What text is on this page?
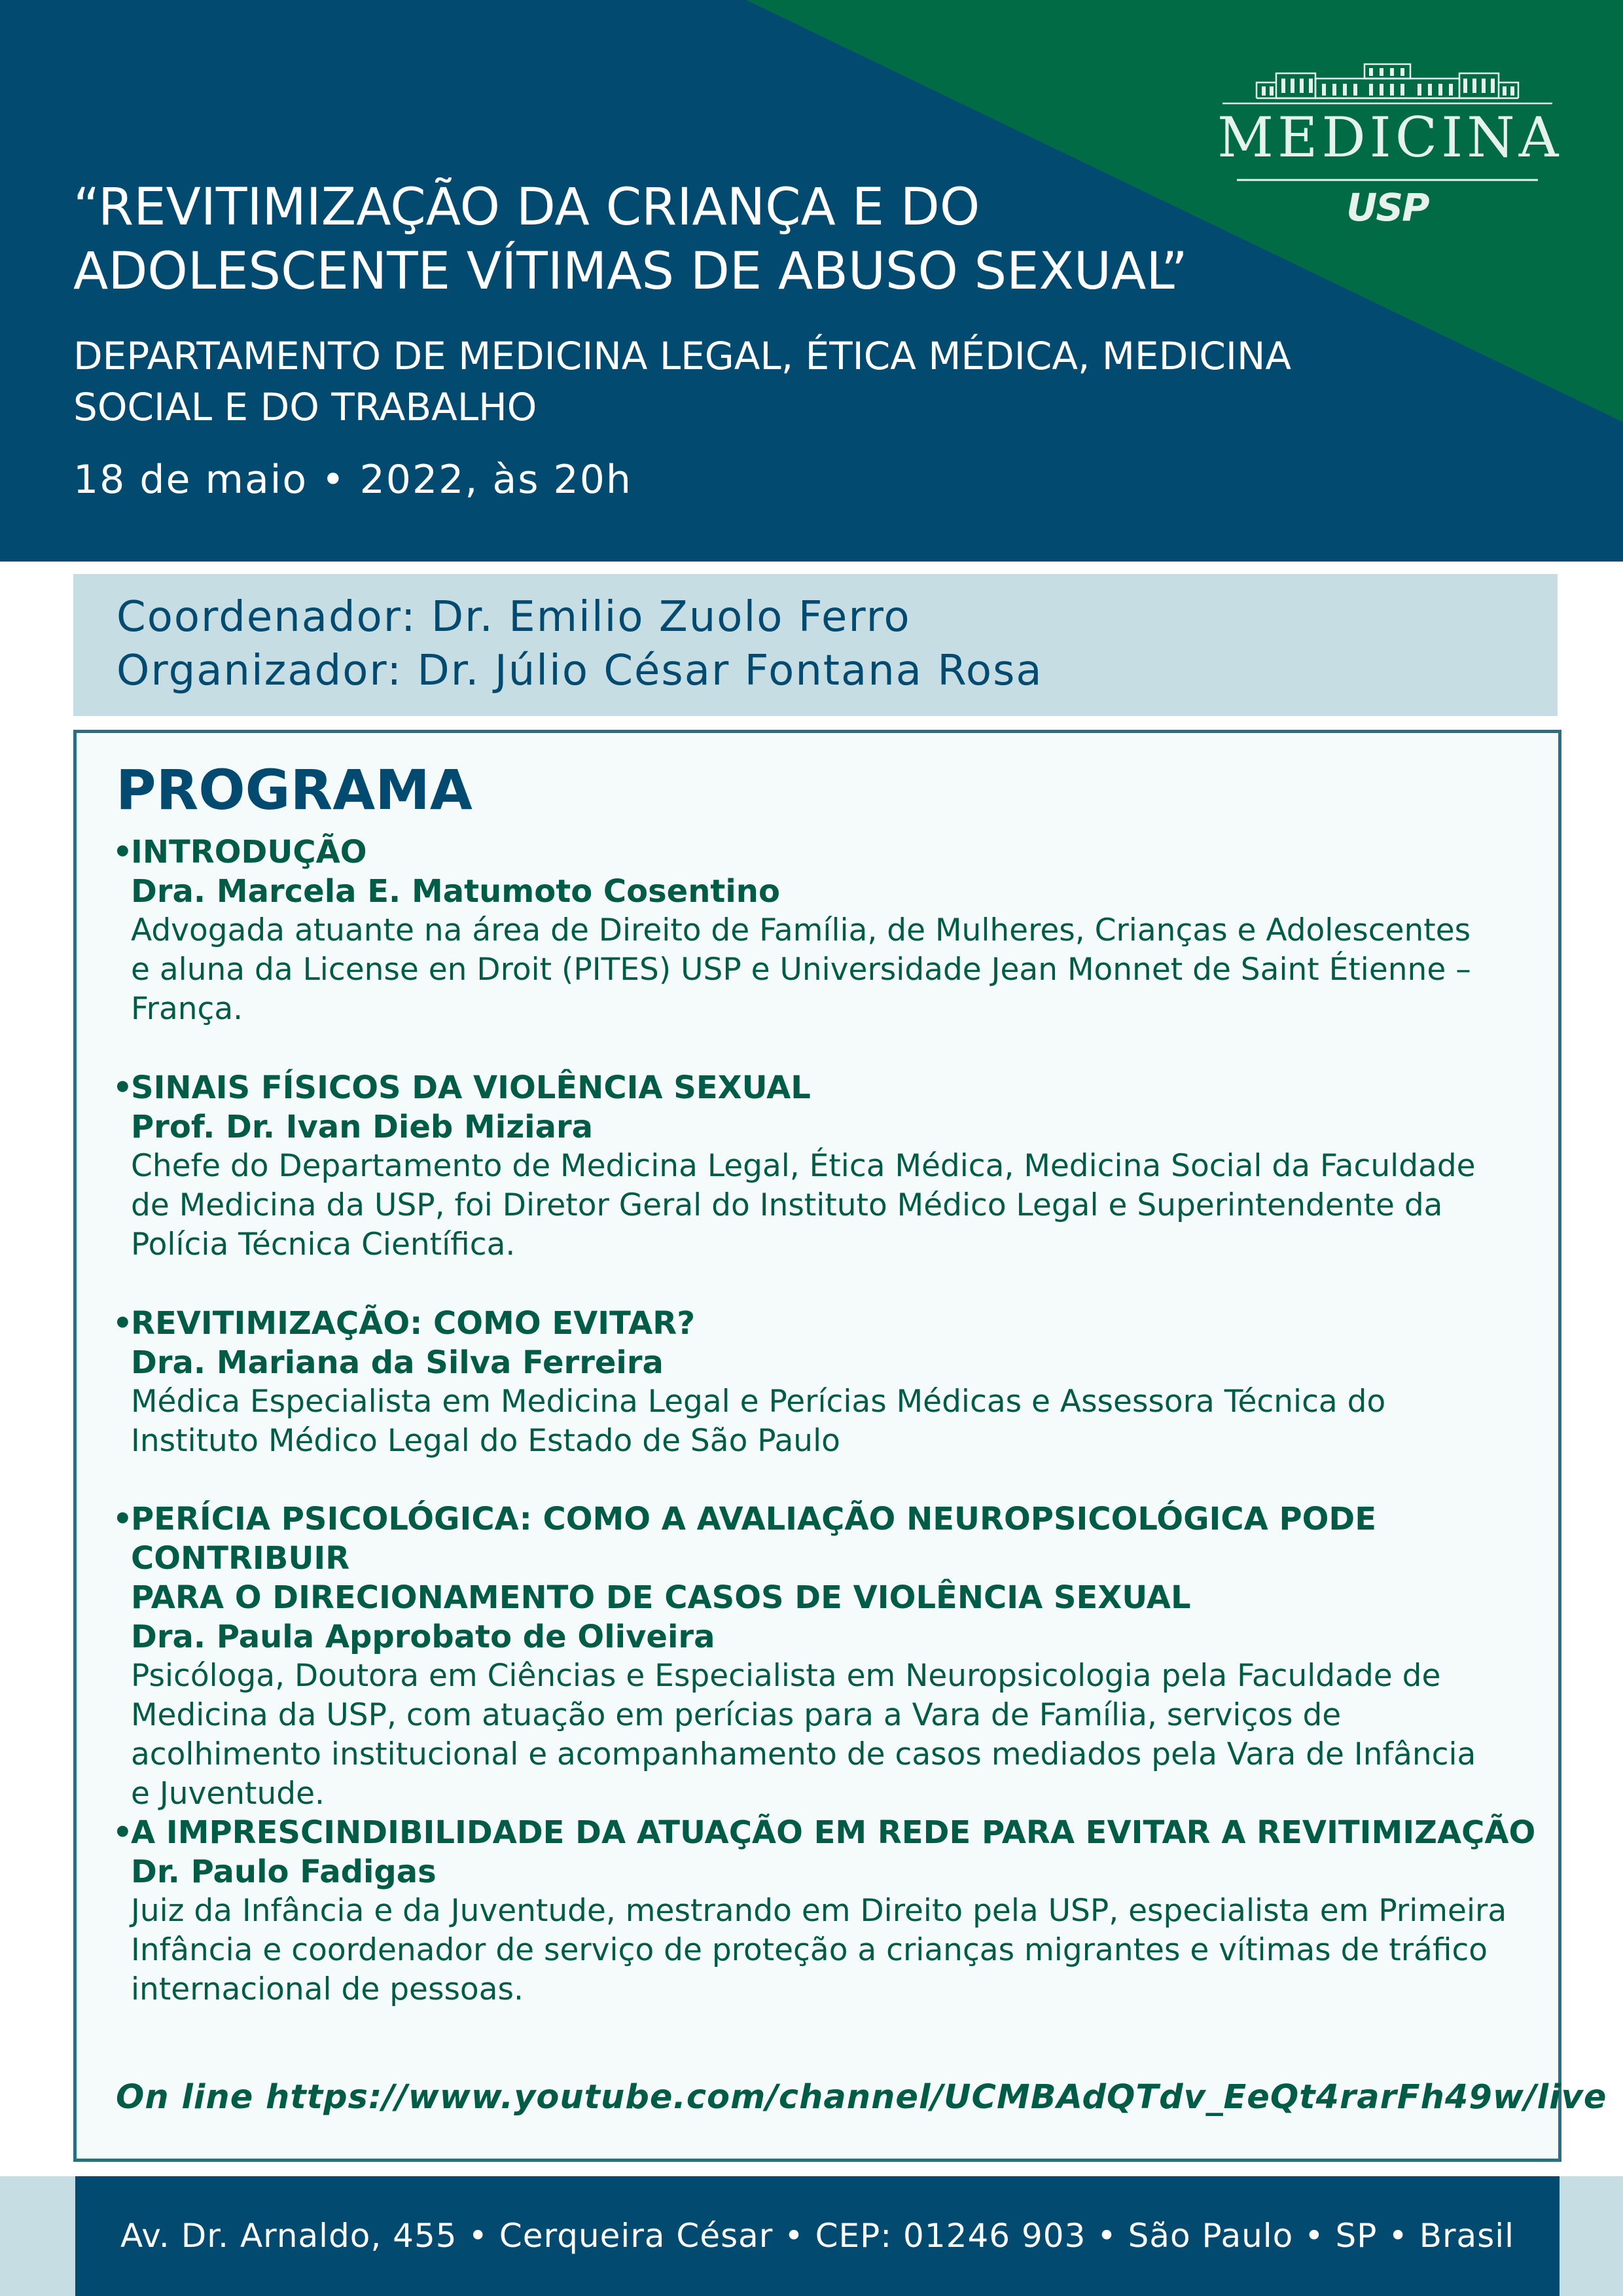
MEDICINA
USP
“REVITIMIZAÇÃO DA CRIANÇA E DO
ADOLESCENTE VÍTIMAS DE ABUSO SEXUAL”

DEPARTAMENTO DE MEDICINA LEGAL, ÉTICA MÉDICA, MEDICINA
SOCIAL E DO TRABALHO

18 de maio • 2022, às 20h
Coordenador: Dr. Emilio Zuolo Ferro
Organizador: Dr. Júlio César Fontana Rosa
PROGRAMA
•
INTRODUÇÃO
Dra. Marcela E. Matumoto Cosentino
Advogada atuante na área de Direito de Família, de Mulheres, Crianças e Adolescentes
e aluna da License en Droit (PITES) USP e Universidade Jean Monnet de Saint Étienne –
França.
•
SINAIS FÍSICOS DA VIOLÊNCIA SEXUAL
Prof. Dr. Ivan Dieb Miziara
Chefe do Departamento de Medicina Legal, Ética Médica, Medicina Social da Faculdade
de Medicina da USP, foi Diretor Geral do Instituto Médico Legal e Superintendente da
Polícia Técnica Científica.
•
REVITIMIZAÇÃO: COMO EVITAR?
Dra. Mariana da Silva Ferreira
Médica Especialista em Medicina Legal e Perícias Médicas e Assessora Técnica do
Instituto Médico Legal do Estado de São Paulo
•
PERÍCIA PSICOLÓGICA: COMO A AVALIAÇÃO NEUROPSICOLÓGICA PODE CONTRIBUIR
PARA O DIRECIONAMENTO DE CASOS DE VIOLÊNCIA SEXUAL
Dra. Paula Approbato de Oliveira
Psicóloga, Doutora em Ciências e Especialista em Neuropsicologia pela Faculdade de
Medicina da USP, com atuação em perícias para a Vara de Família, serviços de
acolhimento institucional e acompanhamento de casos mediados pela Vara de Infância
e Juventude.
•
A IMPRESCINDIBILIDADE DA ATUAÇÃO EM REDE PARA EVITAR A REVITIMIZAÇÃO
Dr. Paulo Fadigas
Juiz da Infância e da Juventude, mestrando em Direito pela USP, especialista em Primeira
Infância e coordenador de serviço de proteção a crianças migrantes e vítimas de tráfico
internacional de pessoas.
On line https://www.youtube.com/channel/UCMBAdQTdv_EeQt4rarFh49w/live
Av. Dr. Arnaldo, 455 • Cerqueira César • CEP: 01246 903 • São Paulo • SP • Brasil
